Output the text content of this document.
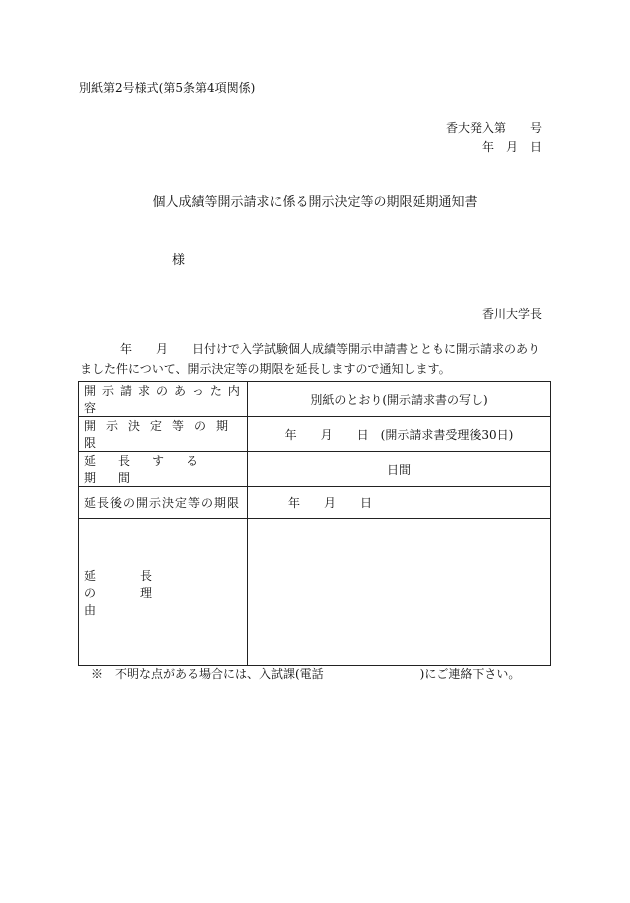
別紙第2号様式(第5条第4項関係)
香大発入第　　号
年　月　日
個人成績等開示請求に係る開示決定等の期限延期通知書
様
香川大学長

年 月 日付けで入学試験個人成績等開示申請書とともに開示請求のありました件について、開示決定等の期限を延長しますので通知します。

開示請求のあった内容	別紙のとおり(開示請求書の写し)
開示決定等の期限	年　　月　　日　(開示請求書受理後30日)
延長する期間	日間
延長後の開示決定等の期限	年　　月　　日
延長の理由	
※　不明な点がある場合には、入試課(電話　　　　　　　　)にご連絡下さい。
